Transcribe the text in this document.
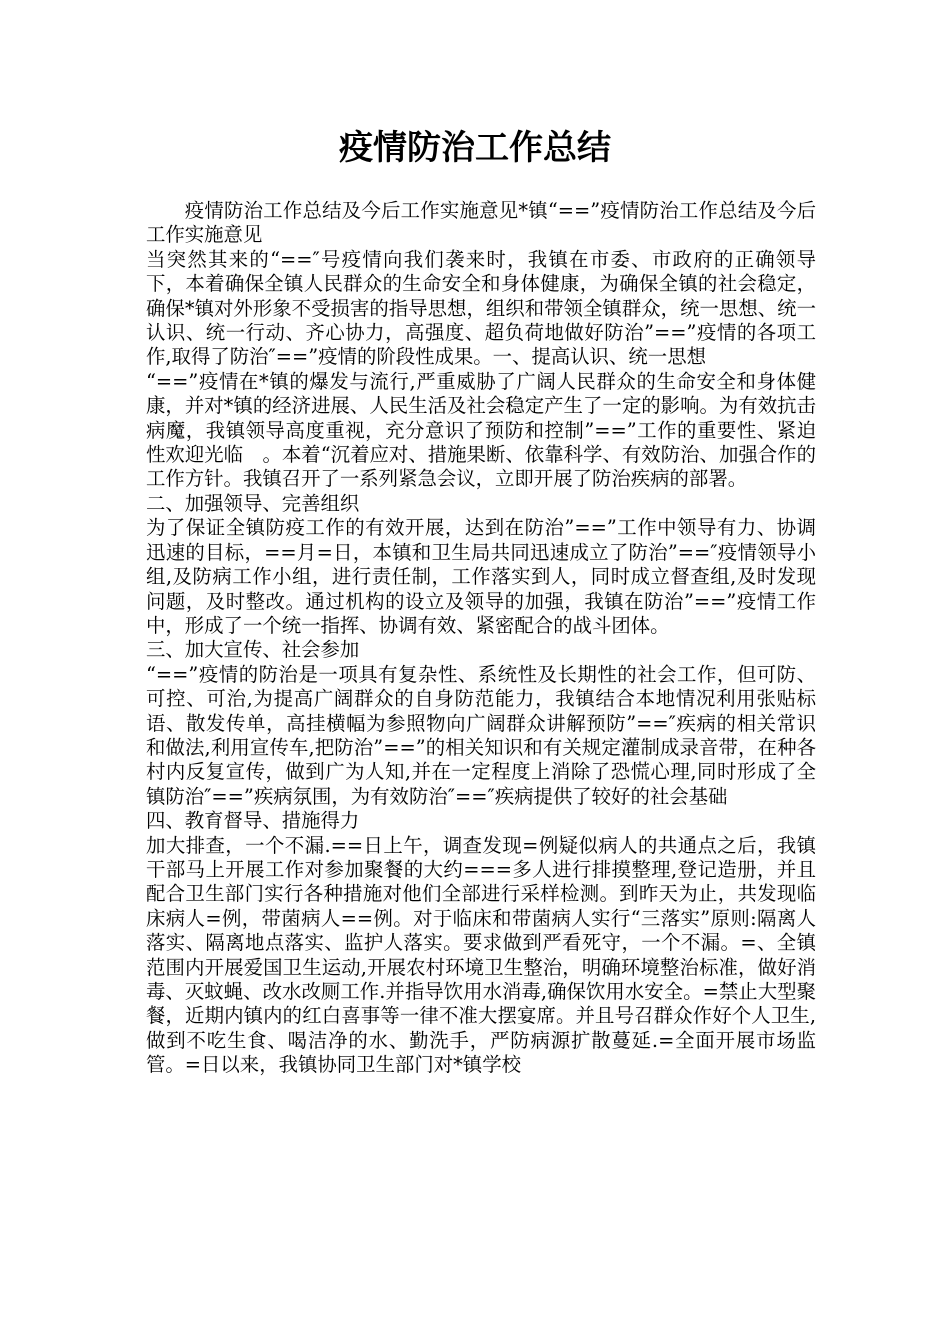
疫情防治工作总结

疫情防治工作总结及今后工作实施意见*镇“==”疫情防治工作总结及今后工作实施意见

当突然其来的“==″号疫情向我们袭来时，我镇在市委、市政府的正确领导下，本着确保全镇人民群众的生命安全和身体健康，为确保全镇的社会稳定，确保*镇对外形象不受损害的指导思想，组织和带领全镇群众，统一思想、统一认识、统一行动、齐心协力，高强度、超负荷地做好防治”==”疫情的各项工作,取得了防治″==”疫情的阶段性成果。一、提高认识、统一思想

“==”疫情在*镇的爆发与流行,严重威胁了广阔人民群众的生命安全和身体健康，并对*镇的经济进展、人民生活及社会稳定产生了一定的影响。为有效抗击病魔，我镇领导高度重视，充分意识了预防和控制”==”工作的重要性、紧迫性欢迎光临　。本着“沉着应对、措施果断、依靠科学、有效防治、加强合作的工作方针。我镇召开了一系列紧急会议，立即开展了防治疾病的部署。

二、加强领导、完善组织

为了保证全镇防疫工作的有效开展，达到在防治”==”工作中领导有力、协调迅速的目标，==月=日，本镇和卫生局共同迅速成立了防治”==″疫情领导小组,及防病工作小组，进行责任制，工作落实到人，同时成立督查组,及时发现问题，及时整改。通过机构的设立及领导的加强，我镇在防治”==”疫情工作中，形成了一个统一指挥、协调有效、紧密配合的战斗团体。

三、加大宣传、社会参加

“==”疫情的防治是一项具有复杂性、系统性及长期性的社会工作，但可防、可控、可治,为提高广阔群众的自身防范能力，我镇结合本地情况利用张贴标语、散发传单，高挂横幅为参照物向广阔群众讲解预防”==″疾病的相关常识和做法,利用宣传车,把防治”==”的相关知识和有关规定灌制成录音带，在种各村内反复宣传，做到广为人知,并在一定程度上消除了恐慌心理,同时形成了全镇防治″==”疾病氛围，为有效防治″==″疾病提供了较好的社会基础

四、教育督导、措施得力

加大排查，一个不漏.==日上午，调查发现=例疑似病人的共通点之后，我镇干部马上开展工作对参加聚餐的大约===多人进行排摸整理,登记造册，并且配合卫生部门实行各种措施对他们全部进行采样检测。到昨天为止，共发现临床病人=例，带菌病人==例。对于临床和带菌病人实行“三落实”原则:隔离人落实、隔离地点落实、监护人落实。要求做到严看死守，一个不漏。=、全镇范围内开展爱国卫生运动,开展农村环境卫生整治，明确环境整治标准，做好消毒、灭蚊蝇、改水改厕工作.并指导饮用水消毒,确保饮用水安全。=禁止大型聚餐，近期内镇内的红白喜事等一律不准大摆宴席。并且号召群众作好个人卫生,做到不吃生食、喝洁净的水、勤洗手，严防病源扩散蔓延.=全面开展市场监管。=日以来，我镇协同卫生部门对*镇学校
